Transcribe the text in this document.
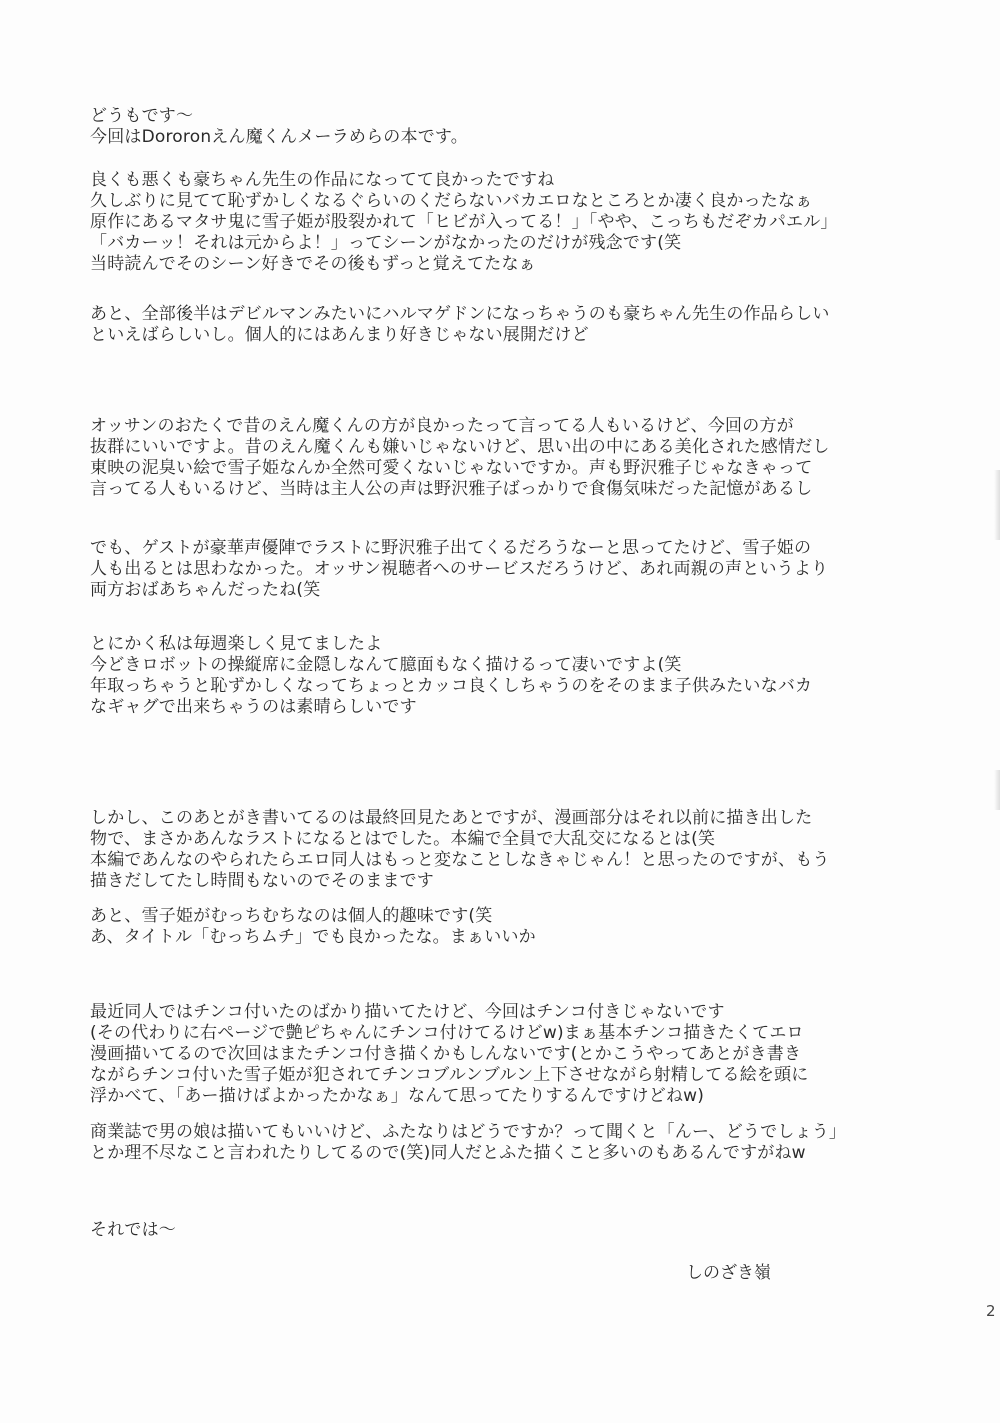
どうもです～
今回はDororonえん魔くんメーラめらの本です。
良くも悪くも豪ちゃん先生の作品になってて良かったですね
久しぶりに見てて恥ずかしくなるぐらいのくだらないバカエロなところとか凄く良かったなぁ
原作にあるマタサ鬼に雪子姫が股裂かれて「ヒビが入ってる！」「やや、こっちもだぞカパエル」
「バカーッ！それは元からよ！」ってシーンがなかったのだけが残念です(笑
当時読んでそのシーン好きでその後もずっと覚えてたなぁ
あと、全部後半はデビルマンみたいにハルマゲドンになっちゃうのも豪ちゃん先生の作品らしい
といえばらしいし。個人的にはあんまり好きじゃない展開だけど
オッサンのおたくで昔のえん魔くんの方が良かったって言ってる人もいるけど、今回の方が
抜群にいいですよ。昔のえん魔くんも嫌いじゃないけど、思い出の中にある美化された感情だし
東映の泥臭い絵で雪子姫なんか全然可愛くないじゃないですか。声も野沢雅子じゃなきゃって
言ってる人もいるけど、当時は主人公の声は野沢雅子ばっかりで食傷気味だった記憶があるし
でも、ゲストが豪華声優陣でラストに野沢雅子出てくるだろうなーと思ってたけど、雪子姫の
人も出るとは思わなかった。オッサン視聴者へのサービスだろうけど、あれ両親の声というより
両方おばあちゃんだったね(笑
とにかく私は毎週楽しく見てましたよ
今どきロボットの操縦席に金隠しなんて臆面もなく描けるって凄いですよ(笑
年取っちゃうと恥ずかしくなってちょっとカッコ良くしちゃうのをそのまま子供みたいなバカ
なギャグで出来ちゃうのは素晴らしいです
しかし、このあとがき書いてるのは最終回見たあとですが、漫画部分はそれ以前に描き出した
物で、まさかあんなラストになるとはでした。本編で全員で大乱交になるとは(笑
本編であんなのやられたらエロ同人はもっと変なことしなきゃじゃん！と思ったのですが、もう
描きだしてたし時間もないのでそのままです
あと、雪子姫がむっちむちなのは個人的趣味です(笑
あ、タイトル「むっちムチ」でも良かったな。まぁいいか
最近同人ではチンコ付いたのばかり描いてたけど、今回はチンコ付きじゃないです
(その代わりに右ページで艶ピちゃんにチンコ付けてるけどw)まぁ基本チンコ描きたくてエロ
漫画描いてるので次回はまたチンコ付き描くかもしんないです(とかこうやってあとがき書き
ながらチンコ付いた雪子姫が犯されてチンコブルンブルン上下させながら射精してる絵を頭に
浮かべて、「あー描けばよかったかなぁ」なんて思ってたりするんですけどねw)
商業誌で男の娘は描いてもいいけど、ふたなりはどうですか？って聞くと「んー、どうでしょう」
とか理不尽なこと言われたりしてるので(笑)同人だとふた描くこと多いのもあるんですがねw
それでは～
しのざき嶺
2
